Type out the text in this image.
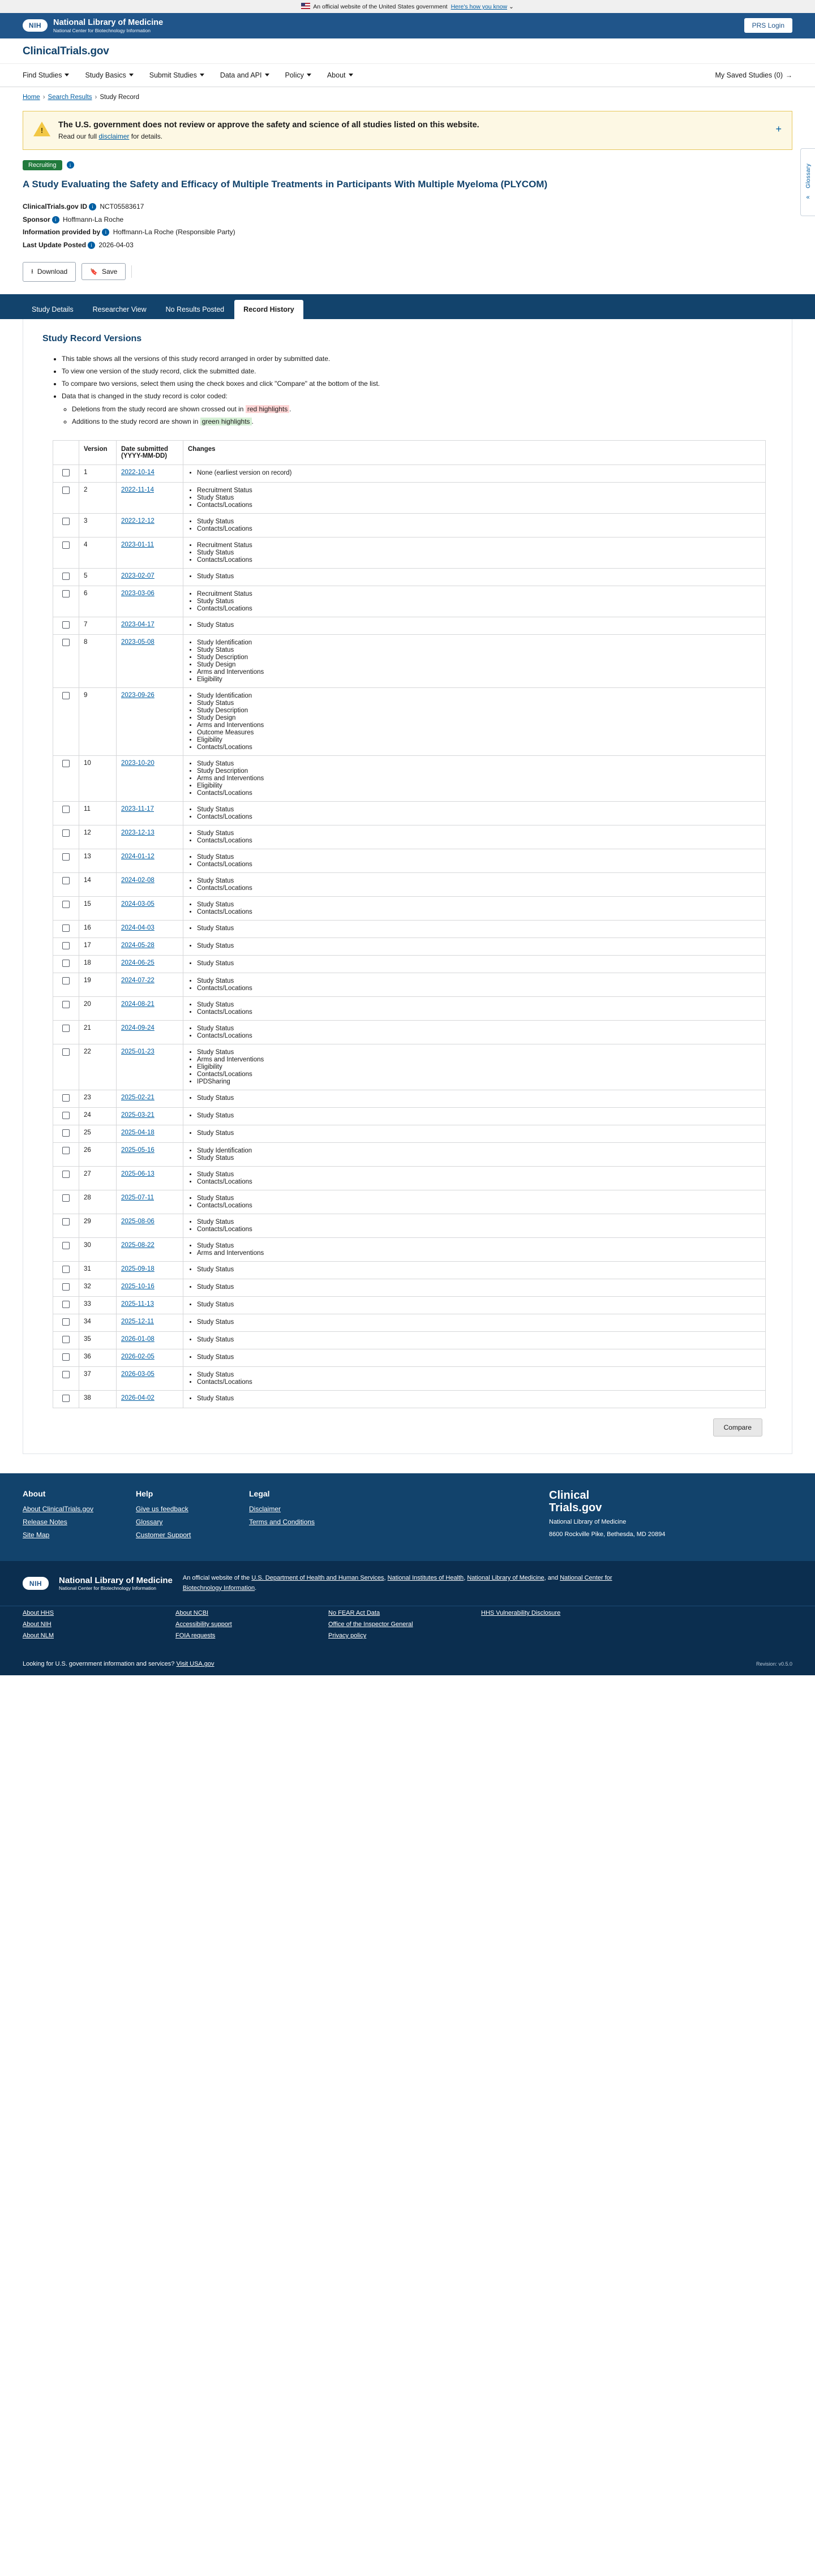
An official website of the United States government Here's how you know ⌄
NIH	National Library of Medicine
National Center for Biotechnology Information
PRS Login
ClinicalTrials.gov
Find Studies	Study Basics	Submit Studies	Data and API	Policy	About	My Saved Studies (0) →
Home › Search Results › Study Record
Glossary
«
!
The U.S. government does not review or approve the safety and science of all studies listed on this website.
Read our full disclaimer for details.
+
Recruiting	i
A Study Evaluating the Safety and Efficacy of Multiple Treatments in Participants With Multiple Myeloma (PLYCOM)
ClinicalTrials.gov ID i NCT05583617
Sponsor i Hoffmann-La Roche
Information provided by i Hoffmann-La Roche (Responsible Party)
Last Update Posted i 2026-04-03
⭳ Download	🔖 Save
Study Details	Researcher View	No Results Posted	Record History
Study Record Versions
• This table shows all the versions of this study record arranged in order by submitted date.
• To view one version of the study record, click the submitted date.
• To compare two versions, select them using the check boxes and click "Compare" at the bottom of the list.
• Data that is changed in the study record is color coded:
◦ Deletions from the study record are shown crossed out in red highlights .
◦ Additions to the study record are shown in green highlights .
	Version	Date submitted
(YYYY-MM-DD)	Changes
	1	2022-10-14	
•None (earliest version on record)

	2	2022-11-14	
•Recruitment Status
• Study Status
• Contacts/Locations

	3	2022-12-12	
•Study Status
• Contacts/Locations

	4	2023-01-11	
•Recruitment Status
• Study Status
• Contacts/Locations

	5	2023-02-07	
•Study Status

	6	2023-03-06	
•Recruitment Status
• Study Status
• Contacts/Locations

	7	2023-04-17	
•Study Status

	8	2023-05-08	
•Study Identification
• Study Status
• Study Description
• Study Design
• Arms and Interventions
• Eligibility

	9	2023-09-26	
•Study Identification
• Study Status
• Study Description
• Study Design
• Arms and Interventions
• Outcome Measures
• Eligibility
• Contacts/Locations

	10	2023-10-20	
•Study Status
• Study Description
• Arms and Interventions
• Eligibility
• Contacts/Locations

	11	2023-11-17	
•Study Status
• Contacts/Locations

	12	2023-12-13	
•Study Status
• Contacts/Locations

	13	2024-01-12	
•Study Status
• Contacts/Locations

	14	2024-02-08	
•Study Status
• Contacts/Locations

	15	2024-03-05	
•Study Status
• Contacts/Locations

	16	2024-04-03	
•Study Status

	17	2024-05-28	
•Study Status

	18	2024-06-25	
•Study Status

	19	2024-07-22	
•Study Status
• Contacts/Locations

	20	2024-08-21	
•Study Status
• Contacts/Locations

	21	2024-09-24	
•Study Status
• Contacts/Locations

	22	2025-01-23	
•Study Status
• Arms and Interventions
• Eligibility
• Contacts/Locations
• IPDSharing

	23	2025-02-21	
•Study Status

	24	2025-03-21	
•Study Status

	25	2025-04-18	
•Study Status

	26	2025-05-16	
•Study Identification
• Study Status

	27	2025-06-13	
•Study Status
• Contacts/Locations

	28	2025-07-11	
•Study Status
• Contacts/Locations

	29	2025-08-06	
•Study Status
• Contacts/Locations

	30	2025-08-22	
•Study Status
• Arms and Interventions

	31	2025-09-18	
•Study Status

	32	2025-10-16	
•Study Status

	33	2025-11-13	
•Study Status

	34	2025-12-11	
•Study Status

	35	2026-01-08	
•Study Status

	36	2026-02-05	
•Study Status

	37	2026-03-05	
•Study Status
• Contacts/Locations

	38	2026-04-02	
•Study Status
Compare
About
About ClinicalTrials.gov
Release Notes
Site Map
Help
Give us feedback
Glossary
Customer Support
Legal
Disclaimer
Terms and Conditions
Clinical
Trials.gov
National Library of Medicine
8600 Rockville Pike, Bethesda, MD 20894
NIH	National Library of Medicine
National Center for Biotechnology Information
An official website of the U.S. Department of Health and Human Services, National Institutes of Health, National Library of Medicine, and National Center for Biotechnology Information.
About HHS
About NIH
About NLM
About NCBI
Accessibility support
FOIA requests
No FEAR Act Data
Office of the Inspector General
Privacy policy
HHS Vulnerability Disclosure
Looking for U.S. government information and services? Visit USA.gov	Revision: v0.5.0
